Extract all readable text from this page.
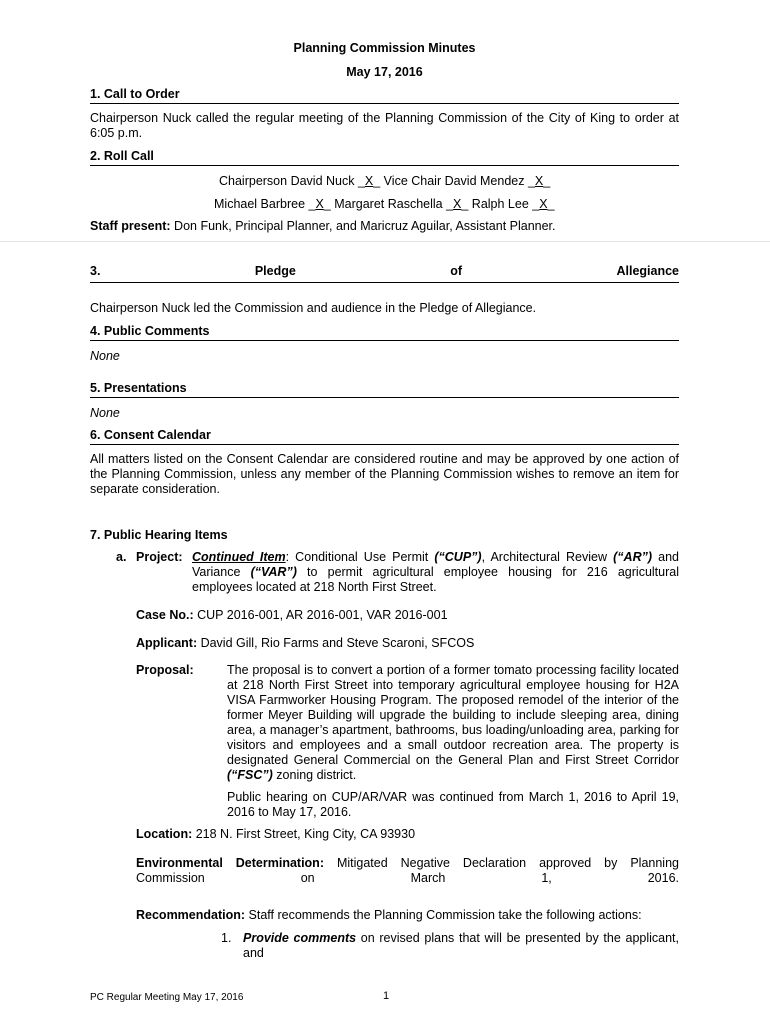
Planning Commission Minutes
May 17, 2016
1. Call to Order
Chairperson Nuck called the regular meeting of the Planning Commission of the City of King to order at 6:05 p.m.
2. Roll Call
Chairperson David Nuck _X_ Vice Chair David Mendez _X_
Michael Barbree _X_ Margaret Raschella _X_ Ralph Lee _X_
Staff present: Don Funk, Principal Planner, and Maricruz Aguilar, Assistant Planner.
3.	Pledge	of	Allegiance
Chairperson Nuck led the Commission and audience in the Pledge of Allegiance.
4. Public Comments
None
5. Presentations
None
6. Consent Calendar
All matters listed on the Consent Calendar are considered routine and may be approved by one action of the Planning Commission, unless any member of the Planning Commission wishes to remove an item for separate consideration.
7. Public Hearing Items
a. Project: Continued Item: Conditional Use Permit (“CUP”), Architectural Review (“AR”) and Variance (“VAR”) to permit agricultural employee housing for 216 agricultural employees located at 218 North First Street.
Case No.: CUP 2016-001, AR 2016-001, VAR 2016-001
Applicant: David Gill, Rio Farms and Steve Scaroni, SFCOS
Proposal:	The proposal is to convert a portion of a former tomato processing facility located at 218 North First Street into temporary agricultural employee housing for H2A VISA Farmworker Housing Program. The proposed remodel of the interior of the former Meyer Building will upgrade the building to include sleeping area, dining area, a manager’s apartment, bathrooms, bus loading/unloading area, parking for visitors and employees and a small outdoor recreation area. The property is designated General Commercial on the General Plan and First Street Corridor (“FSC”) zoning district.
Public hearing on CUP/AR/VAR was continued from March 1, 2016 to April 19, 2016 to May 17, 2016.
Location: 218 N. First Street, King City, CA 93930
Environmental Determination: Mitigated Negative Declaration approved by Planning Commission on March 1, 2016.
Recommendation: Staff recommends the Planning Commission take the following actions:
1. Provide comments on revised plans that will be presented by the applicant, and
PC Regular Meeting May 17, 2016	1
